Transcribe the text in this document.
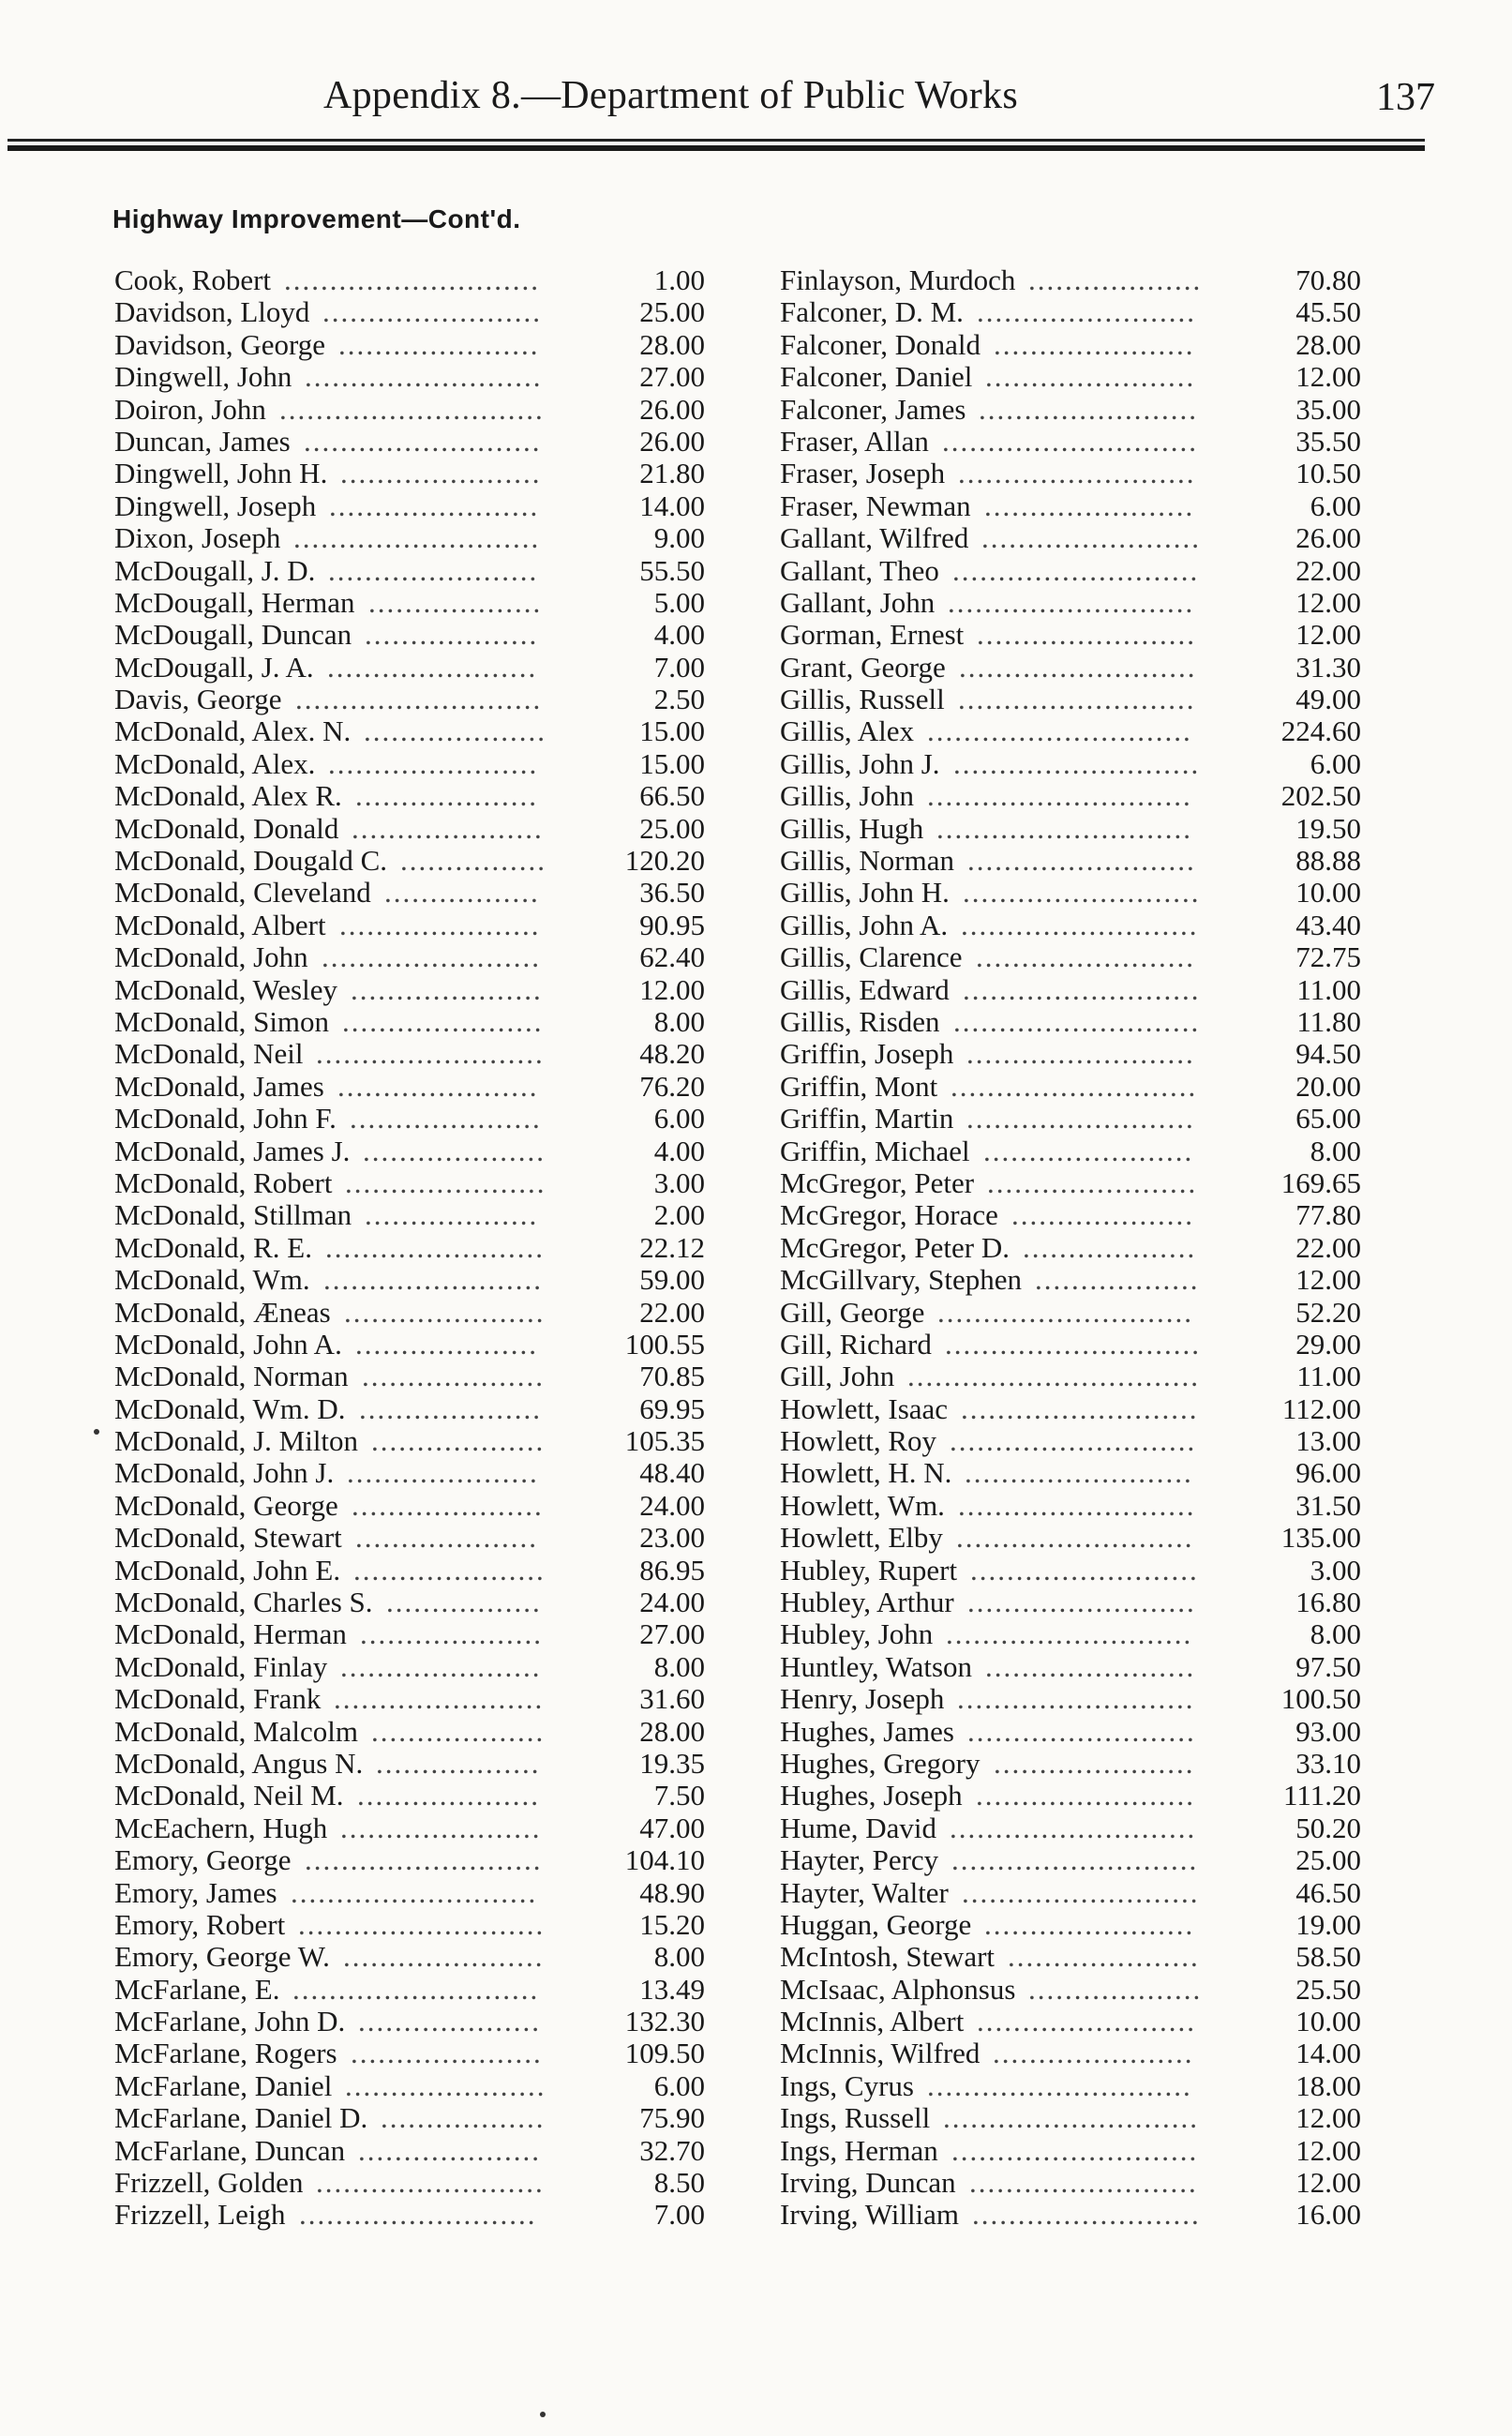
Appendix 8.—Department of Public Works	137
Highway Improvement—Cont'd.
Cook, Robert ............................	1.00
Davidson, Lloyd ........................	25.00
Davidson, George ......................	28.00
Dingwell, John ..........................	27.00
Doiron, John .............................	26.00
Duncan, James ..........................	26.00
Dingwell, John H. ......................	21.80
Dingwell, Joseph .......................	14.00
Dixon, Joseph ...........................	9.00
McDougall, J. D. .......................	55.50
McDougall, Herman ...................	5.00
McDougall, Duncan ...................	4.00
McDougall, J. A. .......................	7.00
Davis, George ...........................	2.50
McDonald, Alex. N. ....................	15.00
McDonald, Alex. .......................	15.00
McDonald, Alex R. ....................	66.50
McDonald, Donald .....................	25.00
McDonald, Dougald C. ................	120.20
McDonald, Cleveland .................	36.50
McDonald, Albert ......................	90.95
McDonald, John ........................	62.40
McDonald, Wesley .....................	12.00
McDonald, Simon ......................	8.00
McDonald, Neil .........................	48.20
McDonald, James ......................	76.20
McDonald, John F. .....................	6.00
McDonald, James J. ....................	4.00
McDonald, Robert ......................	3.00
McDonald, Stillman ...................	2.00
McDonald, R. E. ........................	22.12
McDonald, Wm. ........................	59.00
McDonald, Æneas ......................	22.00
McDonald, John A. ....................	100.55
McDonald, Norman ....................	70.85
McDonald, Wm. D. ....................	69.95
McDonald, J. Milton ...................	105.35
McDonald, John J. .....................	48.40
McDonald, George .....................	24.00
McDonald, Stewart ....................	23.00
McDonald, John E. .....................	86.95
McDonald, Charles S. .................	24.00
McDonald, Herman ....................	27.00
McDonald, Finlay ......................	8.00
McDonald, Frank .......................	31.60
McDonald, Malcolm ...................	28.00
McDonald, Angus N. ..................	19.35
McDonald, Neil M. ....................	7.50
McEachern, Hugh ......................	47.00
Emory, George ..........................	104.10
Emory, James ...........................	48.90
Emory, Robert ...........................	15.20
Emory, George W. ......................	8.00
McFarlane, E. ...........................	13.49
McFarlane, John D. ....................	132.30
McFarlane, Rogers .....................	109.50
McFarlane, Daniel ......................	6.00
McFarlane, Daniel D. ..................	75.90
McFarlane, Duncan ....................	32.70
Frizzell, Golden .........................	8.50
Frizzell, Leigh ..........................	7.00
Finlayson, Murdoch ...................	70.80
Falconer, D. M. ........................	45.50
Falconer, Donald ......................	28.00
Falconer, Daniel .......................	12.00
Falconer, James ........................	35.00
Fraser, Allan ............................	35.50
Fraser, Joseph ..........................	10.50
Fraser, Newman .......................	6.00
Gallant, Wilfred ........................	26.00
Gallant, Theo ...........................	22.00
Gallant, John ...........................	12.00
Gorman, Ernest ........................	12.00
Grant, George ..........................	31.30
Gillis, Russell ..........................	49.00
Gillis, Alex .............................	224.60
Gillis, John J. ...........................	6.00
Gillis, John .............................	202.50
Gillis, Hugh ............................	19.50
Gillis, Norman .........................	88.88
Gillis, John H. ..........................	10.00
Gillis, John A. ..........................	43.40
Gillis, Clarence ........................	72.75
Gillis, Edward ..........................	11.00
Gillis, Risden ...........................	11.80
Griffin, Joseph .........................	94.50
Griffin, Mont ...........................	20.00
Griffin, Martin .........................	65.00
Griffin, Michael .......................	8.00
McGregor, Peter .......................	169.65
McGregor, Horace ....................	77.80
McGregor, Peter D. ...................	22.00
McGillvary, Stephen ..................	12.00
Gill, George ............................	52.20
Gill, Richard ............................	29.00
Gill, John ................................	11.00
Howlett, Isaac ..........................	112.00
Howlett, Roy ...........................	13.00
Howlett, H. N. .........................	96.00
Howlett, Wm. ..........................	31.50
Howlett, Elby ..........................	135.00
Hubley, Rupert .........................	3.00
Hubley, Arthur .........................	16.80
Hubley, John ...........................	8.00
Huntley, Watson .......................	97.50
Henry, Joseph ..........................	100.50
Hughes, James .........................	93.00
Hughes, Gregory ......................	33.10
Hughes, Joseph ........................	111.20
Hume, David ...........................	50.20
Hayter, Percy ...........................	25.00
Hayter, Walter ..........................	46.50
Huggan, George .......................	19.00
McIntosh, Stewart .....................	58.50
McIsaac, Alphonsus ...................	25.50
McInnis, Albert ........................	10.00
McInnis, Wilfred ......................	14.00
Ings, Cyrus .............................	18.00
Ings, Russell ............................	12.00
Ings, Herman ...........................	12.00
Irving, Duncan .........................	12.00
Irving, William .........................	16.00
